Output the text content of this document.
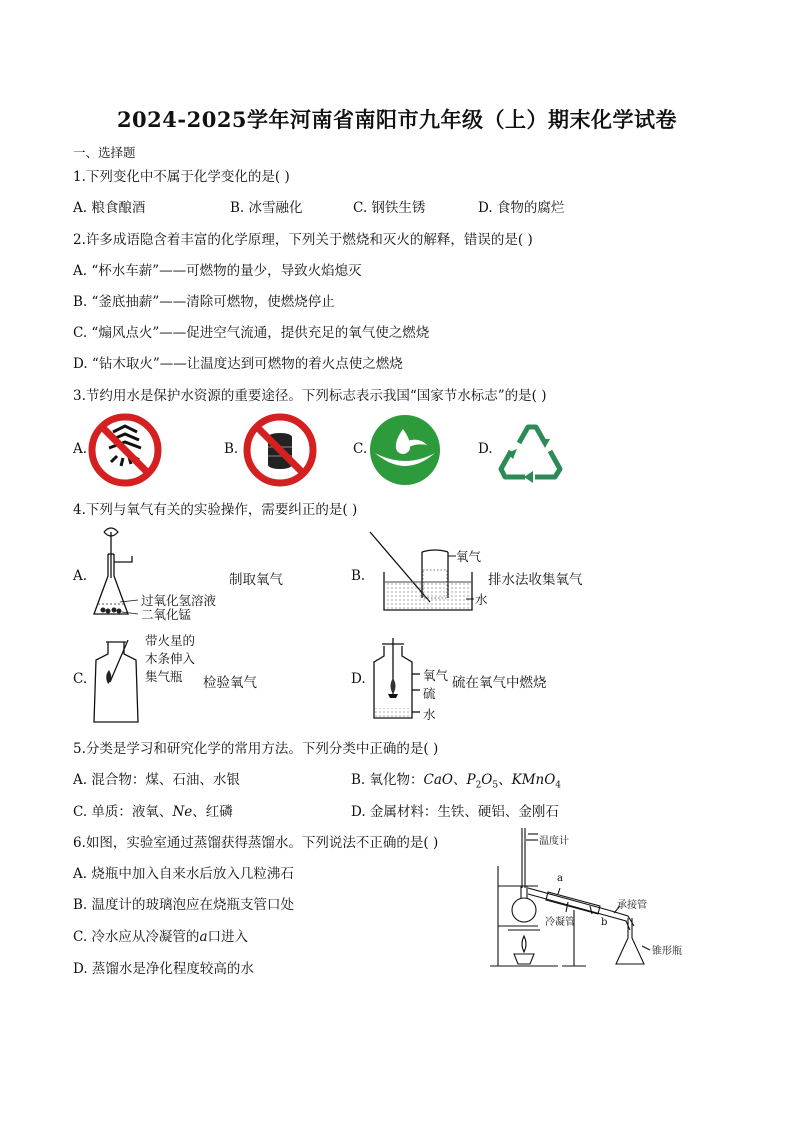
2024-2025学年河南省南阳市九年级（上）期末化学试卷
一、选择题
1.下列变化中不属于化学变化的是( )
A. 粮食酿酒	B. 冰雪融化	C. 钢铁生锈	D. 食物的腐烂
2.许多成语隐含着丰富的化学原理，下列关于燃烧和灭火的解释，错误的是( )
A. “杯水车薪”——可燃物的量少，导致火焰熄灭
B. “釜底抽薪”——清除可燃物，使燃烧停止
C. “煽风点火”——促进空气流通，提供充足的氧气使之燃烧
D. “钻木取火”——让温度达到可燃物的着火点使之燃烧
3.节约用水是保护水资源的重要途径。下列标志表示我国“国家节水标志”的是( )
A.	B.	C.	D.
4.下列与氧气有关的实验操作，需要纠正的是( )
A.
过氧化氢溶液
二氧化锰
制取氧气	B.
氧气
水
排水法收集氧气
C.
带火星的
木条伸入
集气瓶 检验氧气	D.	氧气
硫
水
硫在氧气中燃烧
5.分类是学习和研究化学的常用方法。下列分类中正确的是( )
A. 混合物：煤、石油、水银	B. 氧化物：CaO、$P_2O_5$、KMnO$_4$
C. 单质：液氧、Ne、红磷	D. 金属材料：生铁、硬铝、金刚石
6.如图，实验室通过蒸馏获得蒸馏水。下列说法不正确的是( )
A. 烧瓶中加入自来水后放入几粒沸石
B. 温度计的玻璃泡应在烧瓶支管口处
C. 冷水应从冷凝管的a口进入
D. 蒸馏水是净化程度较高的水
温度计
a
b
冷凝管
承接管
锥形瓶
